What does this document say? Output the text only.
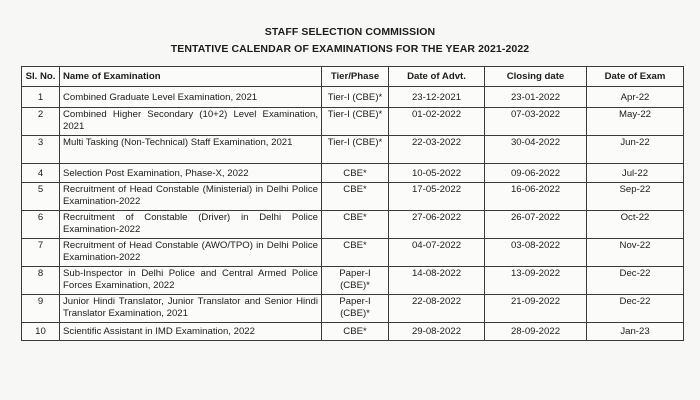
STAFF SELECTION COMMISSION
TENTATIVE CALENDAR OF EXAMINATIONS FOR THE YEAR 2021-2022
Sl. No.	Name of Examination	Tier/Phase	Date of Advt.	Closing date	Date of Exam
1	Combined Graduate Level Examination, 2021	Tier-I (CBE)*	23-12-2021	23-01-2022	Apr-22
2	Combined Higher Secondary (10+2) Level Examination, 2021	Tier-I (CBE)*	01-02-2022	07-03-2022	May-22
3	Multi Tasking (Non-Technical) Staff Examination, 2021	Tier-I (CBE)*	22-03-2022	30-04-2022	Jun-22
4	Selection Post Examination, Phase-X, 2022	CBE*	10-05-2022	09-06-2022	Jul-22
5	Recruitment of Head Constable (Ministerial) in Delhi Police Examination-2022	CBE*	17-05-2022	16-06-2022	Sep-22
6	Recruitment of Constable (Driver) in Delhi Police Examination-2022	CBE*	27-06-2022	26-07-2022	Oct-22
7	Recruitment of Head Constable (AWO/TPO) in Delhi Police Examination-2022	CBE*	04-07-2022	03-08-2022	Nov-22
8	Sub-Inspector in Delhi Police and Central Armed Police Forces Examination, 2022	Paper-I (CBE)*	14-08-2022	13-09-2022	Dec-22
9	Junior Hindi Translator, Junior Translator and Senior Hindi Translator Examination, 2021	Paper-I (CBE)*	22-08-2022	21-09-2022	Dec-22
10	Scientific Assistant in IMD Examination, 2022	CBE*	29-08-2022	28-09-2022	Jan-23
